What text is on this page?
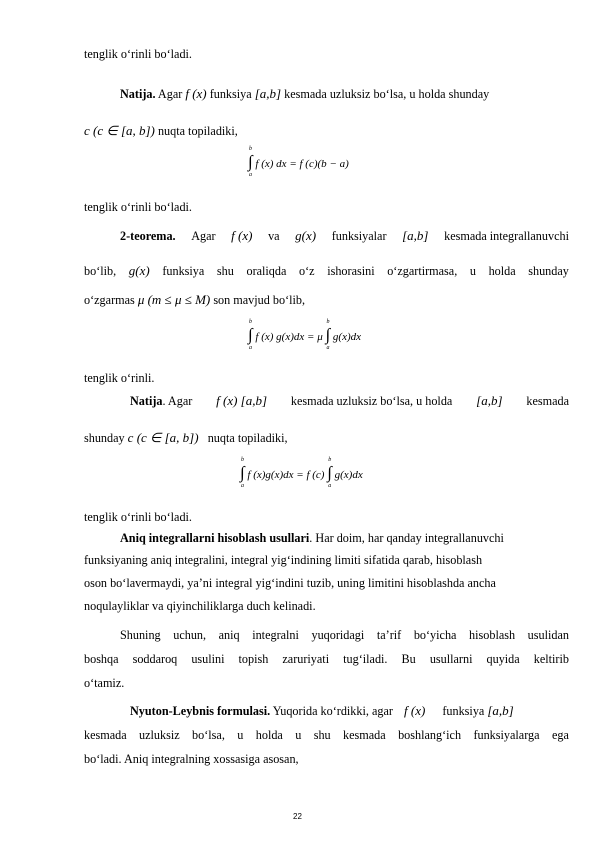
tenglik o‘rinli bo‘ladi.
Natija. Agar f (x) funksiya [a,b] kesmada uzluksiz bo‘lsa, u holda shunday
c (c ∈ [a, b]) nuqta topiladiki,
∫
b
a
f (x) dx = f (c)(b − a)
tenglik o‘rinli bo‘ladi.
2-teorema. Agar f (x) va g(x) funksiyalar [a,b] kesmada integrallanuvchi
bo‘lib, g(x) funksiya shu oraliqda o‘z ishorasini o‘zgartirmasa, u holda shunday
o‘zgarmas μ (m ≤ μ ≤ M) son mavjud bo‘lib,
∫
b
a
f (x) g(x)dx = μ ∫
b
a
g(x)dx
tenglik o‘rinli.
Natija. Agar f (x) [a,b] kesmada uzluksiz bo‘lsa, u holda [a,b] kesmada
shunday c (c ∈ [a, b]) nuqta topiladiki,
∫
b
a
f (x)g(x)dx = f (c) ∫
b
a
g(x)dx
tenglik o‘rinli bo‘ladi.
Aniq integrallarni hisoblash usullari. Har doim, har qanday integrallanuvchi
funksiyaning aniq integralini, integral yig‘indining limiti sifatida qarab, hisoblash
oson bo‘lavermaydi, ya’ni integral yig‘indini tuzib, uning limitini hisoblashda ancha
noqulayliklar va qiyinchiliklarga duch kelinadi.
Shuning uchun, aniq integralni yuqoridagi ta’rif bo‘yicha hisoblash usulidan
boshqa soddaroq usulini topish zaruriyati tug‘iladi. Bu usullarni quyida keltirib
o‘tamiz.
Nyuton-Leybnis formulasi. Yuqorida ko‘rdikki, agar f (x) funksiya [a,b]
kesmada uzluksiz bo‘lsa, u holda u shu kesmada boshlang‘ich funksiyalarga ega
bo‘ladi. Aniq integralning xossasiga asosan,
22
